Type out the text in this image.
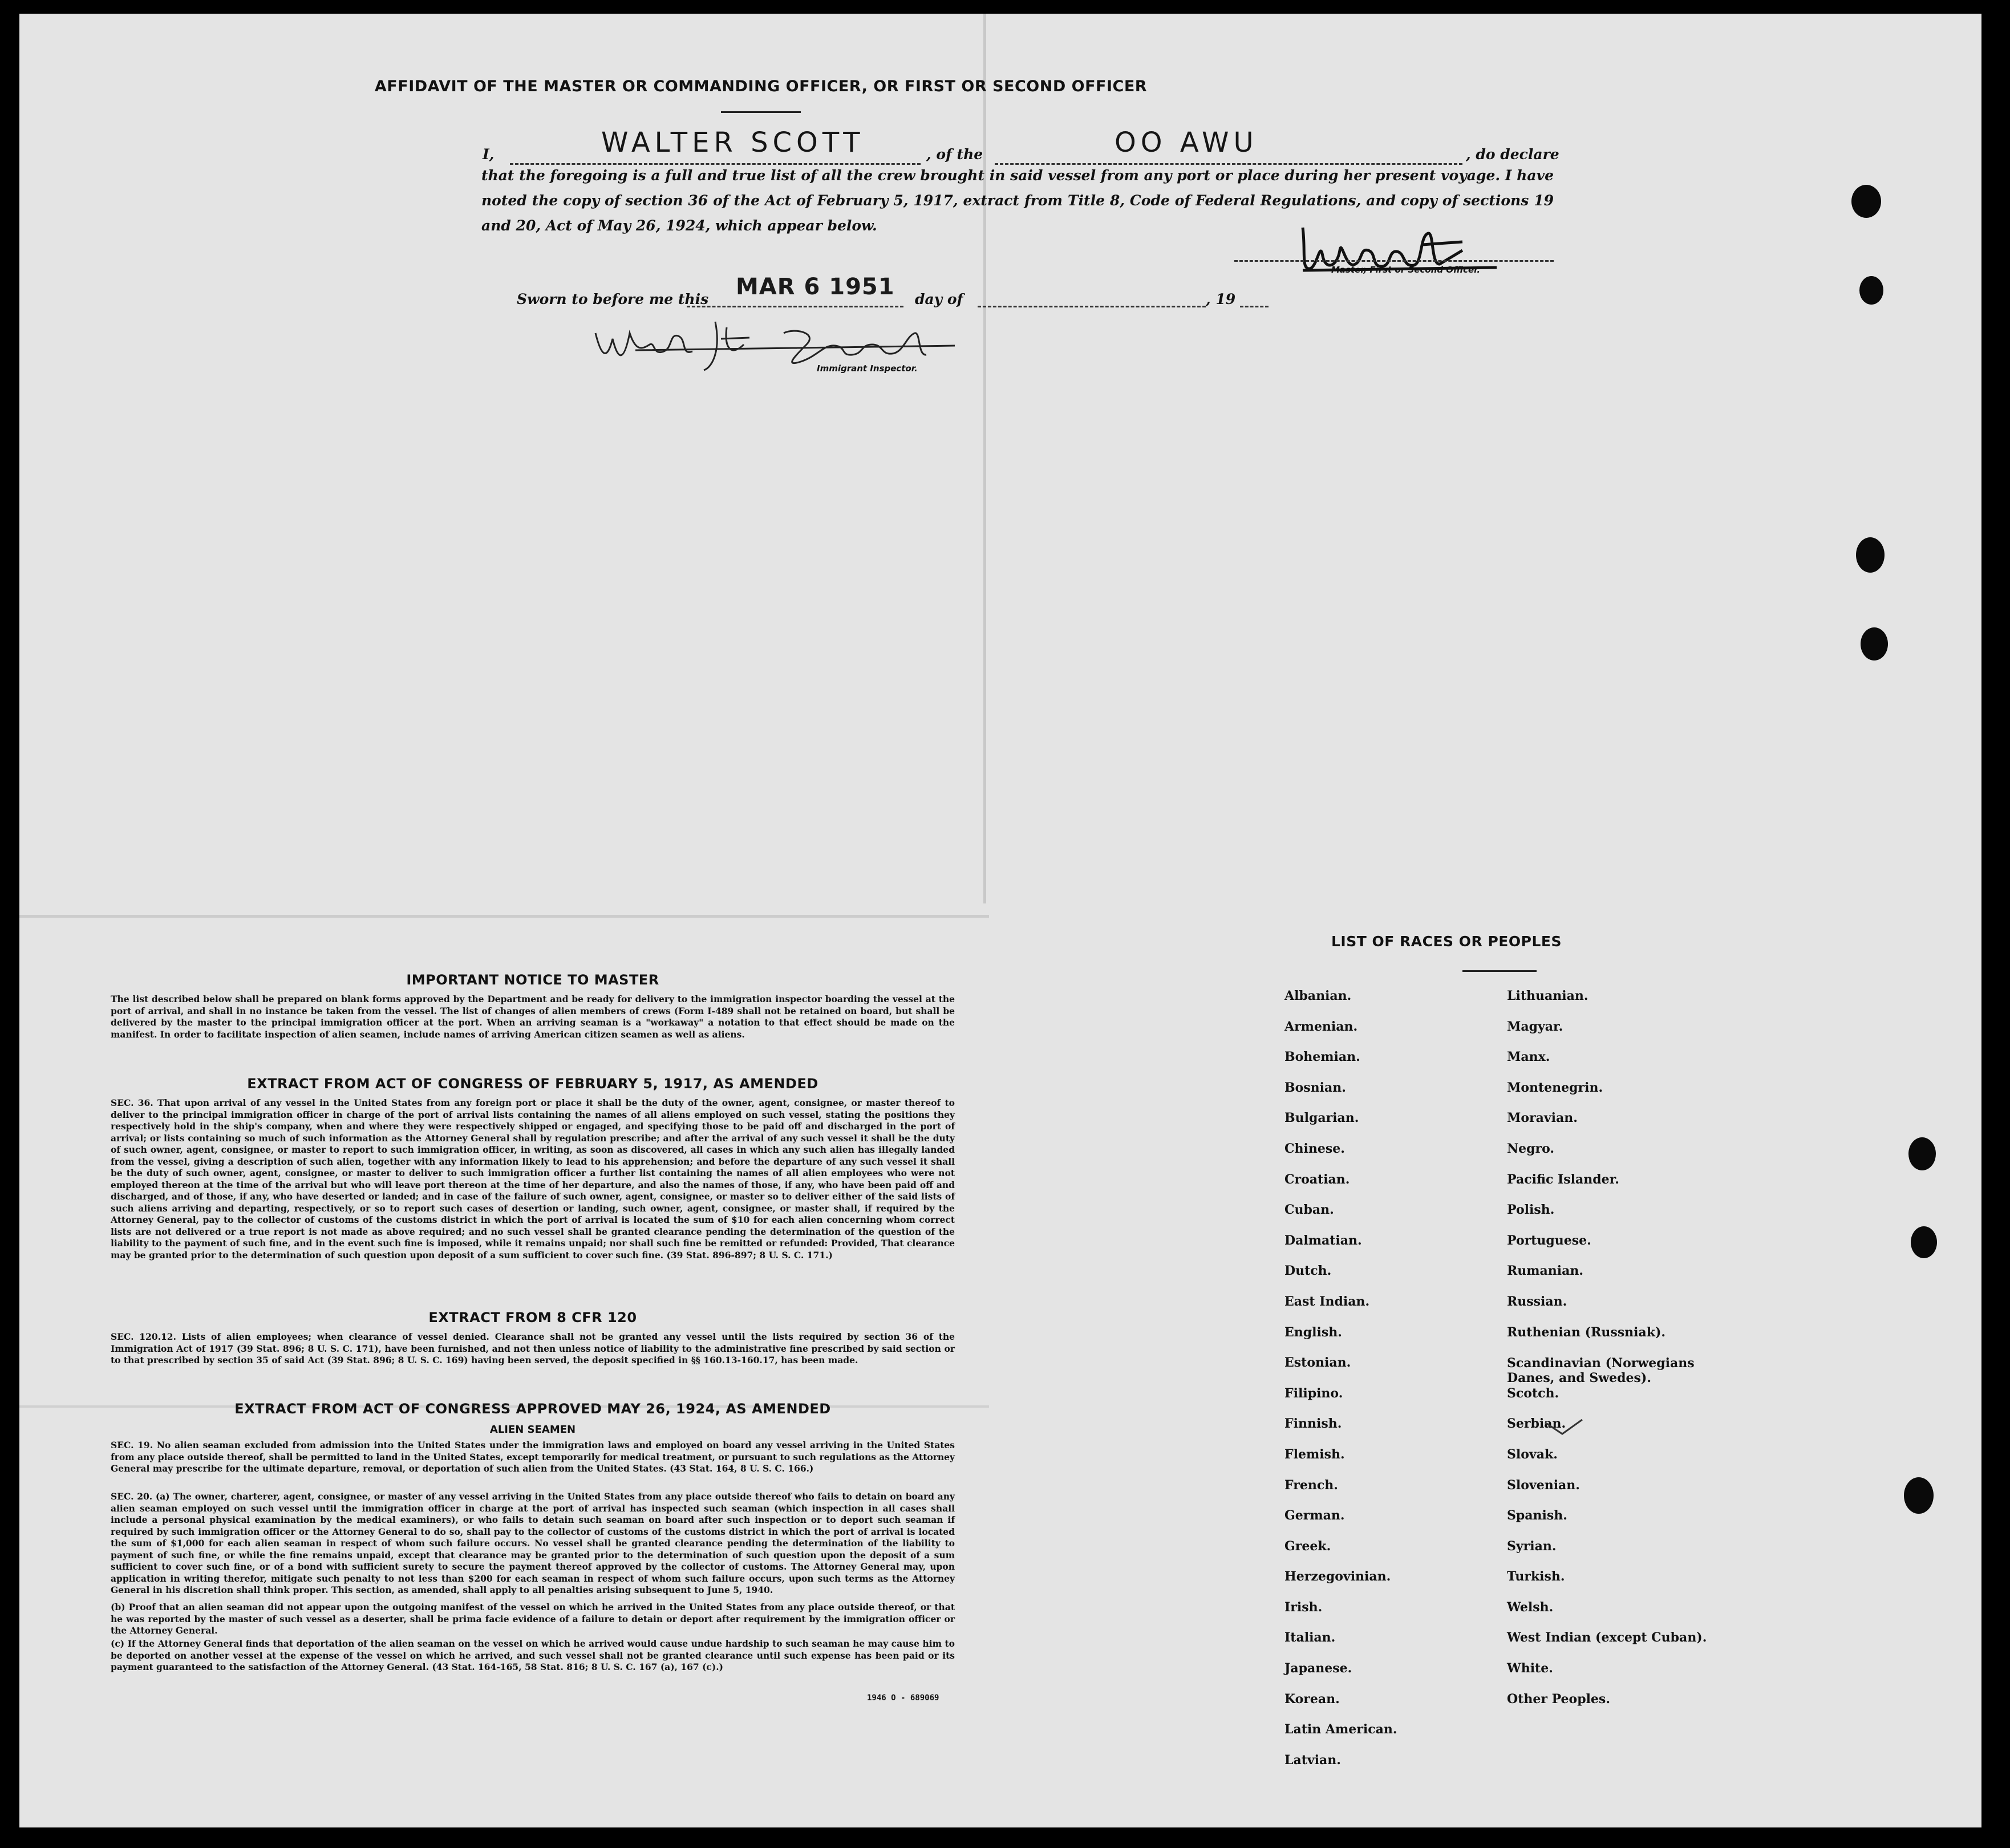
AFFIDAVIT OF THE MASTER OR COMMANDING OFFICER, OR FIRST OR SECOND OFFICER
I,	WALTER SCOTT	, of the	OO AWU	, do declare

that the foregoing is a full and true list of all the crew brought in said vessel from any port or place during her present voyage. I have noted the copy of section 36 of the Act of February 5, 1917, extract from Title 8, Code of Federal Regulations, and copy of sections 19 and 20, Act of May 26, 1924, which appear below.

Master, First or Second Officer.
Sworn to before me this MAR 6 1951 day of	, 19
Immigrant Inspector.
IMPORTANT NOTICE TO MASTER

The list described below shall be prepared on blank forms approved by the Department and be ready for delivery to the immigration inspector boarding the vessel at the port of arrival, and shall in no instance be taken from the vessel. The list of changes of alien members of crews (Form I-489 shall not be retained on board, but shall be delivered by the master to the principal immigration officer at the port. When an arriving seaman is a "workaway" a notation to that effect should be made on the manifest. In order to facilitate inspection of alien seamen, include names of arriving American citizen seamen as well as aliens.

EXTRACT FROM ACT OF CONGRESS OF FEBRUARY 5, 1917, AS AMENDED

SEC. 36. That upon arrival of any vessel in the United States from any foreign port or place it shall be the duty of the owner, agent, consignee, or master thereof to deliver to the principal immigration officer in charge of the port of arrival lists containing the names of all aliens employed on such vessel, stating the positions they respectively hold in the ship's company, when and where they were respectively shipped or engaged, and specifying those to be paid off and discharged in the port of arrival; or lists containing so much of such information as the Attorney General shall by regulation prescribe; and after the arrival of any such vessel it shall be the duty of such owner, agent, consignee, or master to report to such immigration officer, in writing, as soon as discovered, all cases in which any such alien has illegally landed from the vessel, giving a description of such alien, together with any information likely to lead to his apprehension; and before the departure of any such vessel it shall be the duty of such owner, agent, consignee, or master to deliver to such immigration officer a further list containing the names of all alien employees who were not employed thereon at the time of the arrival but who will leave port thereon at the time of her departure, and also the names of those, if any, who have been paid off and discharged, and of those, if any, who have deserted or landed; and in case of the failure of such owner, agent, consignee, or master so to deliver either of the said lists of such aliens arriving and departing, respectively, or so to report such cases of desertion or landing, such owner, agent, consignee, or master shall, if required by the Attorney General, pay to the collector of customs of the customs district in which the port of arrival is located the sum of $10 for each alien concerning whom correct lists are not delivered or a true report is not made as above required; and no such vessel shall be granted clearance pending the determination of the question of the liability to the payment of such fine, and in the event such fine is imposed, while it remains unpaid; nor shall such fine be remitted or refunded: Provided, That clearance may be granted prior to the determination of such question upon deposit of a sum sufficient to cover such fine. (39 Stat. 896-897; 8 U. S. C. 171.)

EXTRACT FROM 8 CFR 120

SEC. 120.12. Lists of alien employees; when clearance of vessel denied. Clearance shall not be granted any vessel until the lists required by section 36 of the Immigration Act of 1917 (39 Stat. 896; 8 U. S. C. 171), have been furnished, and not then unless notice of liability to the administrative fine prescribed by said section or to that prescribed by section 35 of said Act (39 Stat. 896; 8 U. S. C. 169) having been served, the deposit specified in §§ 160.13-160.17, has been made.

EXTRACT FROM ACT OF CONGRESS APPROVED MAY 26, 1924, AS AMENDED
ALIEN SEAMEN

SEC. 19. No alien seaman excluded from admission into the United States under the immigration laws and employed on board any vessel arriving in the United States from any place outside thereof, shall be permitted to land in the United States, except temporarily for medical treatment, or pursuant to such regulations as the Attorney General may prescribe for the ultimate departure, removal, or deportation of such alien from the United States. (43 Stat. 164, 8 U. S. C. 166.)

SEC. 20. (a) The owner, charterer, agent, consignee, or master of any vessel arriving in the United States from any place outside thereof who fails to detain on board any alien seaman employed on such vessel until the immigration officer in charge at the port of arrival has inspected such seaman (which inspection in all cases shall include a personal physical examination by the medical examiners), or who fails to detain such seaman on board after such inspection or to deport such seaman if required by such immigration officer or the Attorney General to do so, shall pay to the collector of customs of the customs district in which the port of arrival is located the sum of $1,000 for each alien seaman in respect of whom such failure occurs. No vessel shall be granted clearance pending the determination of the liability to payment of such fine, or while the fine remains unpaid, except that clearance may be granted prior to the determination of such question upon the deposit of a sum sufficient to cover such fine, or of a bond with sufficient surety to secure the payment thereof approved by the collector of customs. The Attorney General may, upon application in writing therefor, mitigate such penalty to not less than $200 for each seaman in respect of whom such failure occurs, upon such terms as the Attorney General in his discretion shall think proper. This section, as amended, shall apply to all penalties arising subsequent to June 5, 1940.

(b) Proof that an alien seaman did not appear upon the outgoing manifest of the vessel on which he arrived in the United States from any place outside thereof, or that he was reported by the master of such vessel as a deserter, shall be prima facie evidence of a failure to detain or deport after requirement by the immigration officer or the Attorney General.

(c) If the Attorney General finds that deportation of the alien seaman on the vessel on which he arrived would cause undue hardship to such seaman he may cause him to be deported on another vessel at the expense of the vessel on which he arrived, and such vessel shall not be granted clearance until such expense has been paid or its payment guaranteed to the satisfaction of the Attorney General. (43 Stat. 164-165, 58 Stat. 816; 8 U. S. C. 167 (a), 167 (c).)

1946 O - 689069
LIST OF RACES OR PEOPLES
Albanian.
Armenian.
Bohemian.
Bosnian.
Bulgarian.
Chinese.
Croatian.
Cuban.
Dalmatian.
Dutch.
East Indian.
English.
Estonian.
Filipino.
Finnish.
Flemish.
French.
German.
Greek.
Herzegovinian.
Irish.
Italian.
Japanese.
Korean.
Latin American.
Latvian.
Lithuanian.
Magyar.
Manx.
Montenegrin.
Moravian.
Negro.
Pacific Islander.
Polish.
Portuguese.
Rumanian.
Russian.
Ruthenian (Russniak).
Scandinavian (Norwegians
Danes, and Swedes).
Scotch.
Serbian.
Slovak.
Slovenian.
Spanish.
Syrian.
Turkish.
Welsh.
West Indian (except Cuban).
White.
Other Peoples.
